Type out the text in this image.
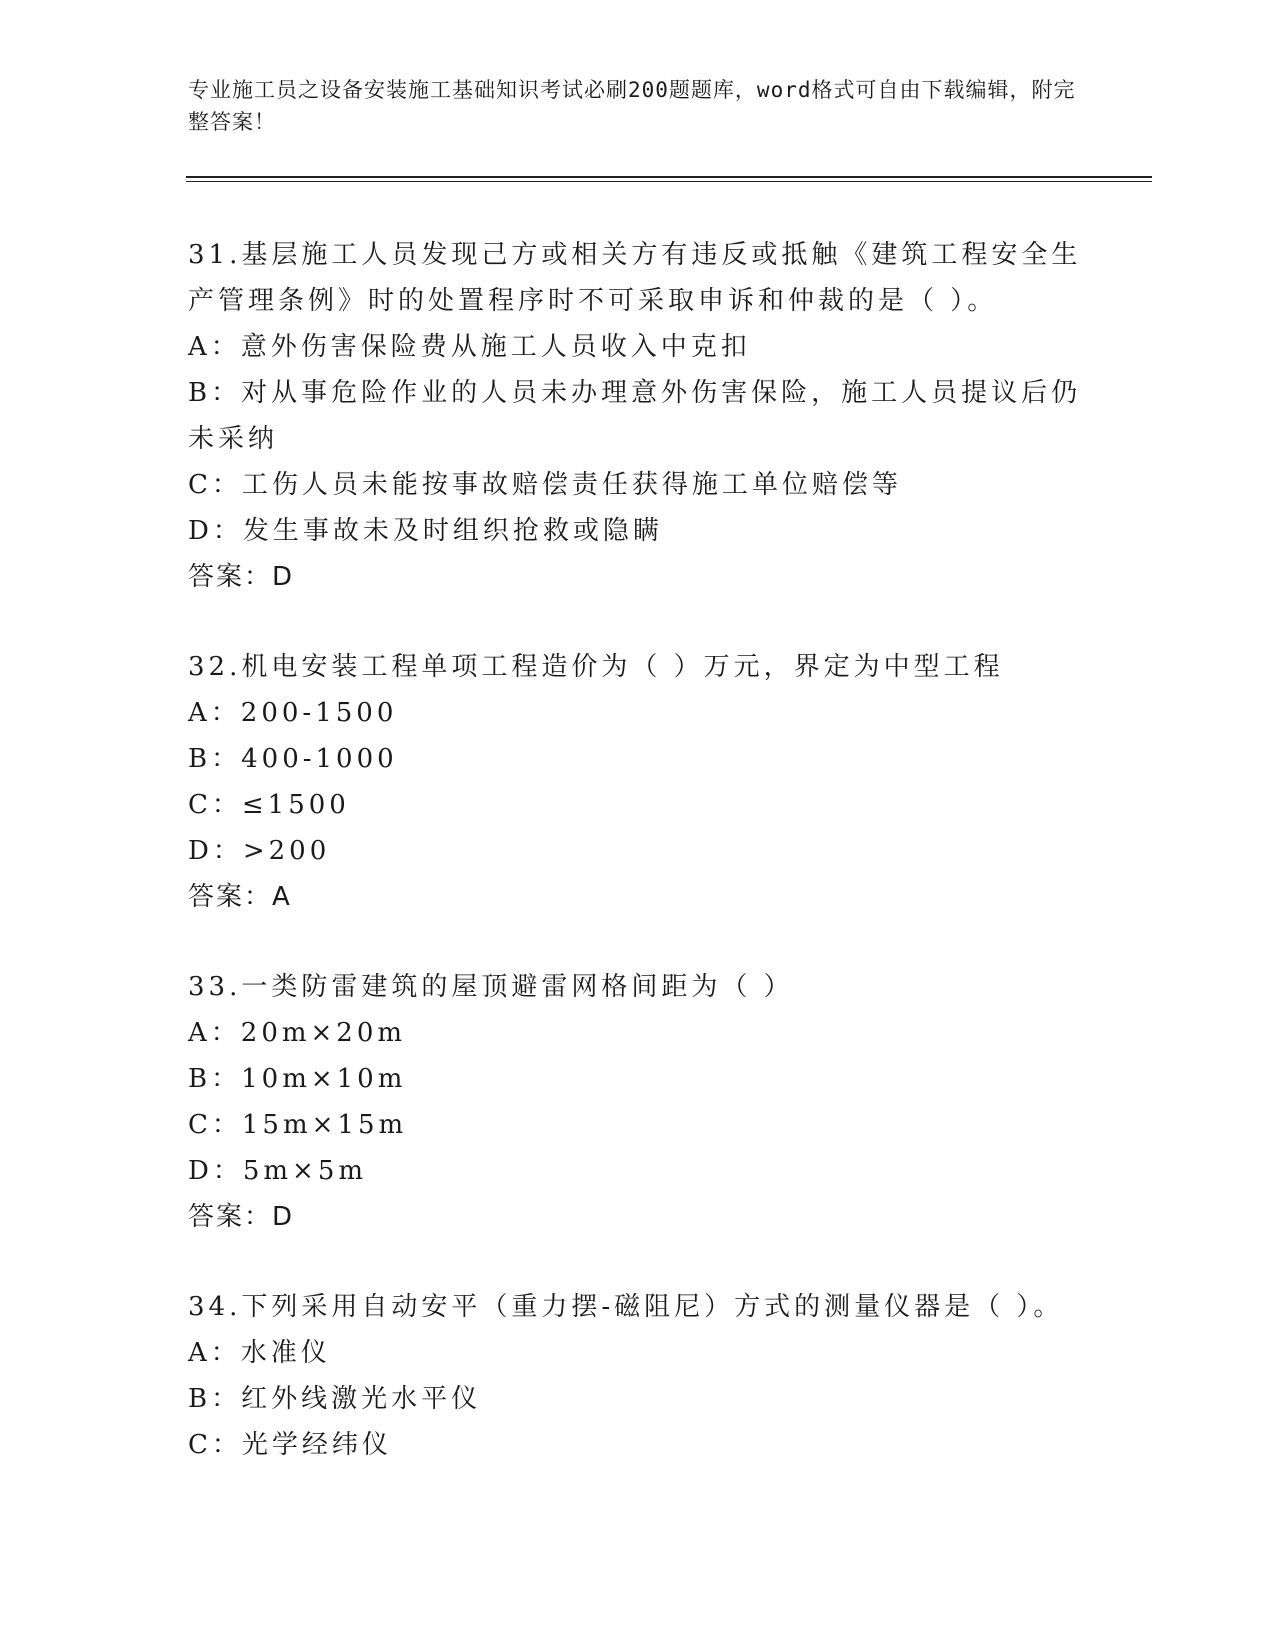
专业施工员之设备安装施工基础知识考试必刷200题题库，word格式可自由下载编辑，附完整答案！

31.基层施工人员发现己方或相关方有违反或抵触《建筑工程安全生产管理条例》时的处置程序时不可采取申诉和仲裁的是（ ）。

A：意外伤害保险费从施工人员收入中克扣

B：对从事危险作业的人员未办理意外伤害保险，施工人员提议后仍未采纳

C：工伤人员未能按事故赔偿责任获得施工单位赔偿等

D：发生事故未及时组织抢救或隐瞒

答案：D

32.机电安装工程单项工程造价为（ ）万元，界定为中型工程

A：200-1500

B：400-1000

C：≤1500

D：>200

答案：A

33.一类防雷建筑的屋顶避雷网格间距为（ ）

A：20m×20m

B：10m×10m

C：15m×15m

D：5m×5m

答案：D

34.下列采用自动安平（重力摆-磁阻尼）方式的测量仪器是（ ）。

A：水准仪

B：红外线激光水平仪

C：光学经纬仪
